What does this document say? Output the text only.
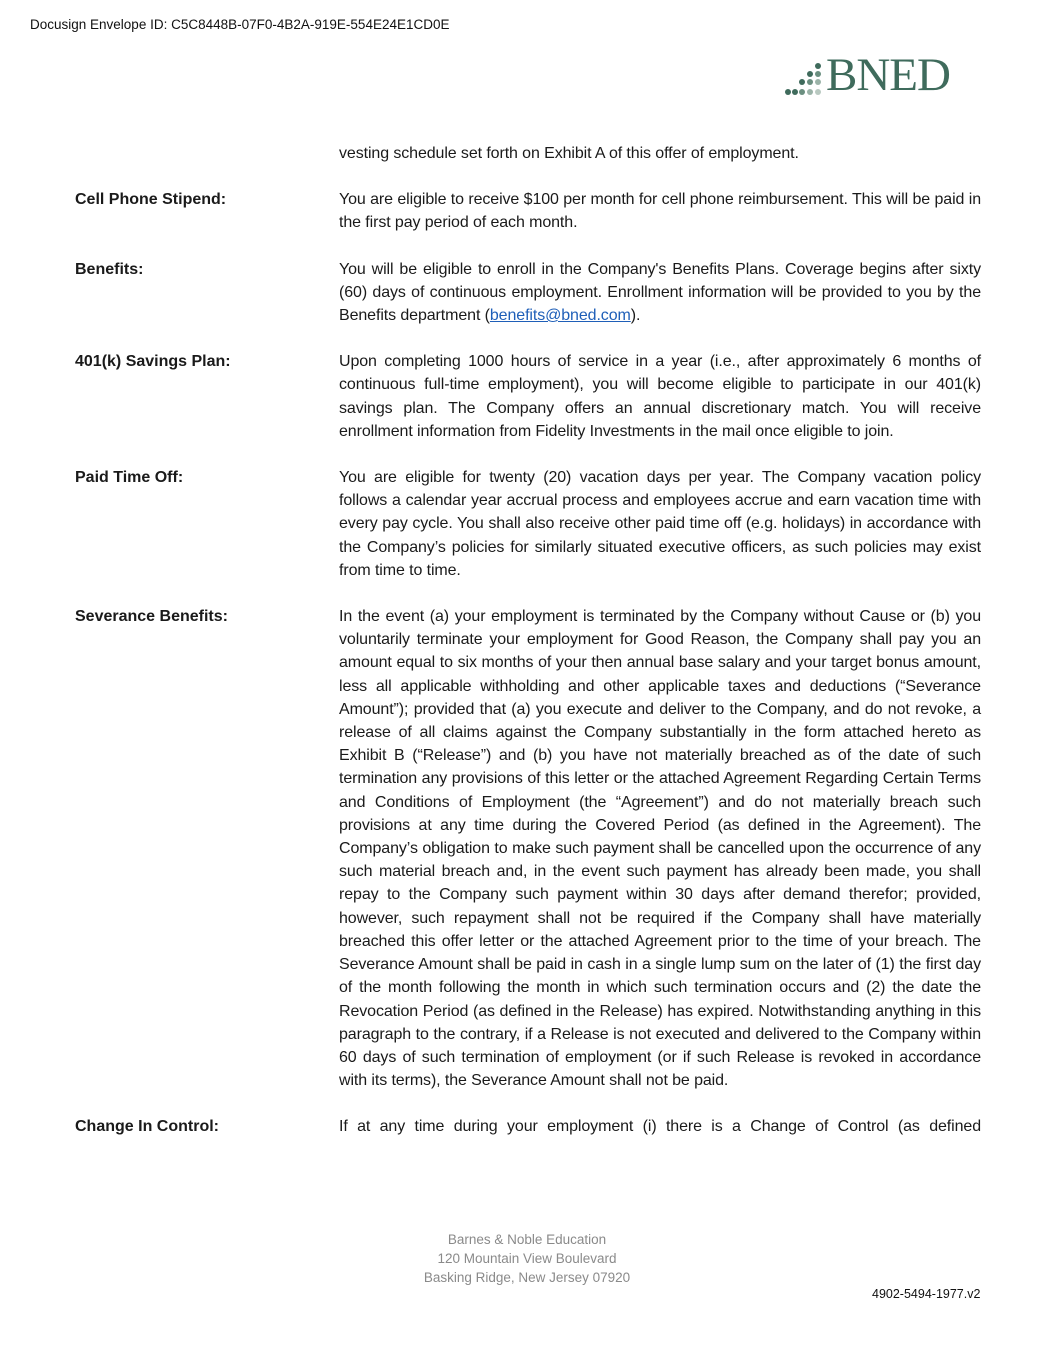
Docusign Envelope ID: C5C8448B-07F0-4B2A-919E-554E24E1CD0E
BNED
vesting schedule set forth on Exhibit A of this offer of employment.
Cell Phone Stipend:	You are eligible to receive $100 per month for cell phone reimbursement. This will be paid in the first pay period of each month.
Benefits:	You will be eligible to enroll in the Company's Benefits Plans. Coverage begins after sixty (60) days of continuous employment. Enrollment information will be provided to you by the Benefits department (benefits@bned.com).
401(k) Savings Plan:	Upon completing 1000 hours of service in a year (i.e., after approximately 6 months of continuous full-time employment), you will become eligible to participate in our 401(k) savings plan. The Company offers an annual discretionary match. You will receive enrollment information from Fidelity Investments in the mail once eligible to join.
Paid Time Off:	You are eligible for twenty (20) vacation days per year. The Company vacation policy follows a calendar year accrual process and employees accrue and earn vacation time with every pay cycle. You shall also receive other paid time off (e.g. holidays) in accordance with the Company’s policies for similarly situated executive officers, as such policies may exist from time to time.
Severance Benefits:	In the event (a) your employment is terminated by the Company without Cause or (b) you voluntarily terminate your employment for Good Reason, the Company shall pay you an amount equal to six months of your then annual base salary and your target bonus amount, less all applicable withholding and other applicable taxes and deductions (“Severance Amount”); provided that (a) you execute and deliver to the Company, and do not revoke, a release of all claims against the Company substantially in the form attached hereto as Exhibit B (“Release”) and (b) you have not materially breached as of the date of such termination any provisions of this letter or the attached Agreement Regarding Certain Terms and Conditions of Employment (the “Agreement”) and do not materially breach such provisions at any time during the Covered Period (as defined in the Agreement). The Company’s obligation to make such payment shall be cancelled upon the occurrence of any such material breach and, in the event such payment has already been made, you shall repay to the Company such payment within 30 days after demand therefor; provided, however, such repayment shall not be required if the Company shall have materially breached this offer letter or the attached Agreement prior to the time of your breach. The Severance Amount shall be paid in cash in a single lump sum on the later of (1) the first day of the month following the month in which such termination occurs and (2) the date the Revocation Period (as defined in the Release) has expired. Notwithstanding anything in this paragraph to the contrary, if a Release is not executed and delivered to the Company within 60 days of such termination of employment (or if such Release is revoked in accordance with its terms), the Severance Amount shall not be paid.
Change In Control:	If at any time during your employment (i) there is a Change of Control (as defined
Barnes & Noble Education
120 Mountain View Boulevard
Basking Ridge, New Jersey 07920
4902-5494-1977.v2
